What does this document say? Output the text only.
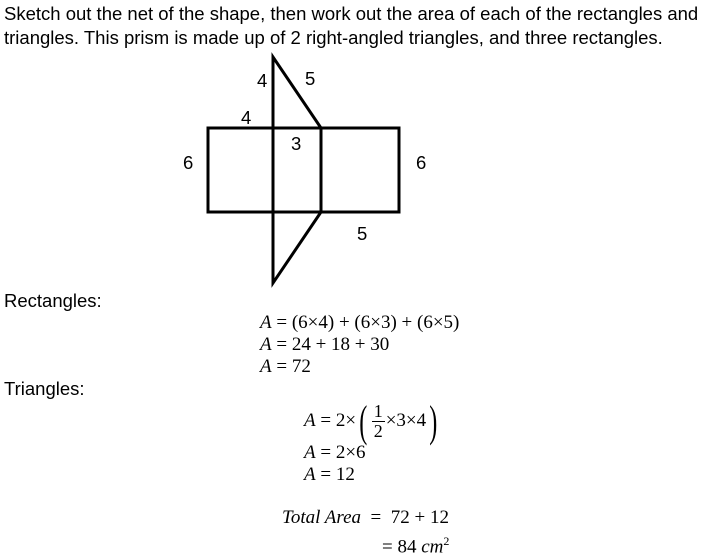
Sketch out the net of the shape, then work out the area of each of the rectangles and triangles. This prism is made up of 2 right-angled triangles, and three rectangles.

4 5
4
3
6	6
5
Rectangles:
A = (6×4) + (6×3) + (6×5)
A = 24 + 18 + 30
A = 72
Triangles:
$A = 2\times( \frac{1}{2} \times 3\times 4)$
A = 2×6
A = 12
Total Area  =  72 + 12
= 84 $cm^2$
